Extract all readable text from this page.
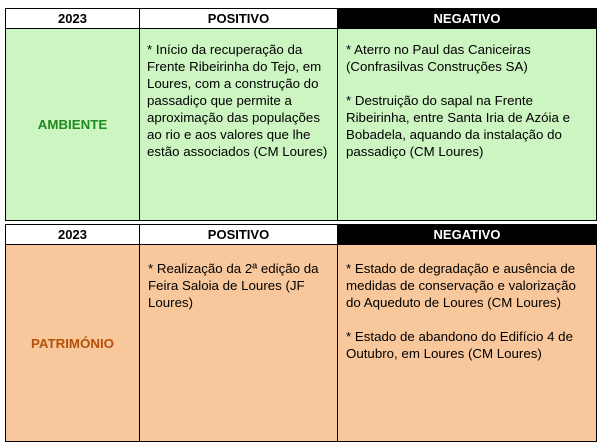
2023	POSITIVO	NEGATIVO
AMBIENTE	* Início da recuperação da Frente Ribeirinha do Tejo, em Loures, com a construção do passadiço que permite a aproximação das populações ao rio e aos valores que lhe estão associados (CM Loures)	* Aterro no Paul das Caniceiras (Confrasilvas Construções SA)

* Destruição do sapal na Frente Ribeirinha, entre Santa Iria de Azóia e Bobadela, aquando da instalação do passadiço (CM Loures)

2023	POSITIVO	NEGATIVO
PATRIMÓNIO	* Realização da 2ª edição da Feira Saloia de Loures (JF Loures)	* Estado de degradação e ausência de medidas de conservação e valorização do Aqueduto de Loures (CM Loures)

* Estado de abandono do Edifício 4 de Outubro, em Loures (CM Loures)
